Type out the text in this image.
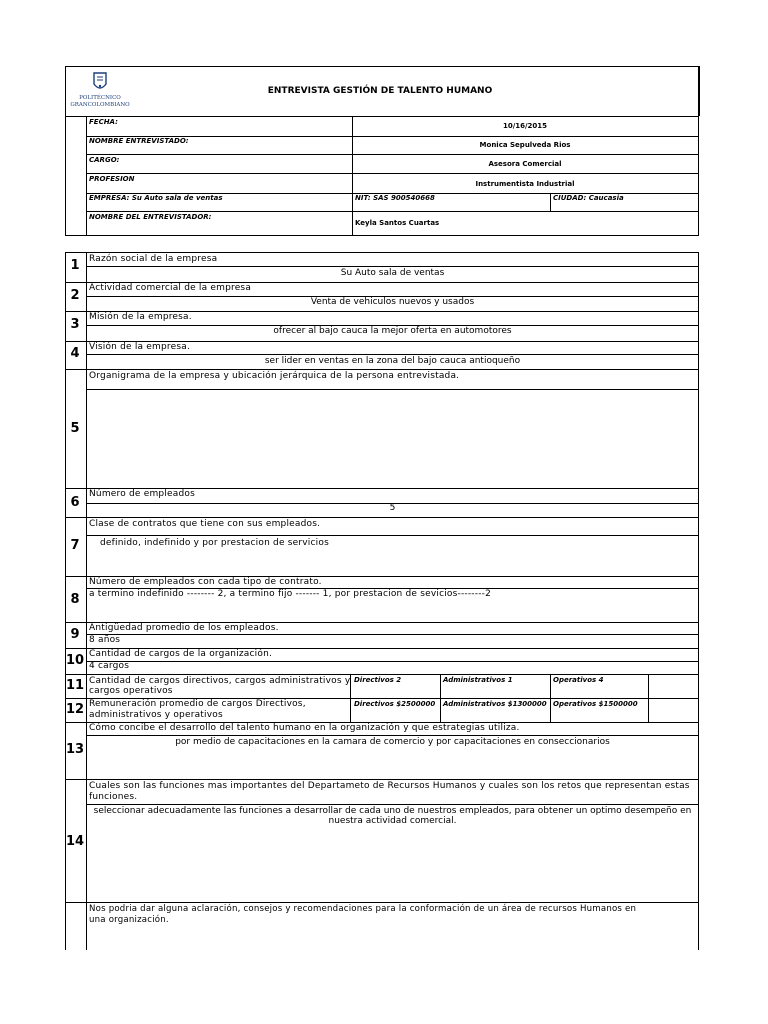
POLITÉCNICO
GRANCOLOMBIANO
ENTREVISTA GESTIÓN DE TALENTO HUMANO
FECHA:	10/16/2015
NOMBRE ENTREVISTADO:	Monica Sepulveda Rios
CARGO:	Asesora Comercial
PROFESION
Instrumentista Industrial
EMPRESA: Su Auto sala de ventas	NIT: SAS 900540668	CIUDAD: Caucasia
NOMBRE DEL ENTREVISTADOR:
Keyla Santos Cuartas
1	Razón social de la empresa
Su Auto sala de ventas
2	Actividad comercial de la empresa
Venta de vehiculos nuevos y usados
3	Misión de la empresa.
ofrecer al bajo cauca la mejor oferta en automotores
4	Visión de la empresa.
ser lider en ventas en la zona del bajo cauca antioqueño
5
Organigrama de la empresa y ubicación jerárquica de la persona entrevistada.
6
Número de empleados
5
7
Clase de contratos que tiene con sus empleados.
definido, indefinido y por prestacion de servicios
8
Número de empleados con cada tipo de contrato.
a termino indefinido -------- 2, a termino fijo ------- 1, por prestacion de sevicios--------2
9	Antigüedad promedio de los empleados.
8 años
10 Cantidad de cargos de la organización.
4 cargos
11 Cantidad de cargos directivos, cargos administrativos y
cargos operativos
Directivos 2	Administrativos 1	Operativos 4
12 Remuneración promedio de cargos Directivos,
administrativos y operativos
Directivos $2500000 Administrativos $1300000 Operativos $1500000
13
Cómo concibe el desarrollo del talento humano en la organización y que estrategias utiliza.
por medio de capacitaciones en la camara de comercio y por capacitaciones en conseccionarios
14
Cuales son las funciones mas importantes del Departameto de Recursos Humanos y cuales son los retos que representan estas
funciones.
seleccionar adecuadamente las funciones a desarrollar de cada uno de nuestros empleados, para obtener un optimo desempeño en
nuestra actividad comercial.
Nos podria dar alguna aclaración, consejos y recomendaciones para la conformación de un área de recursos Humanos en
una organización.
